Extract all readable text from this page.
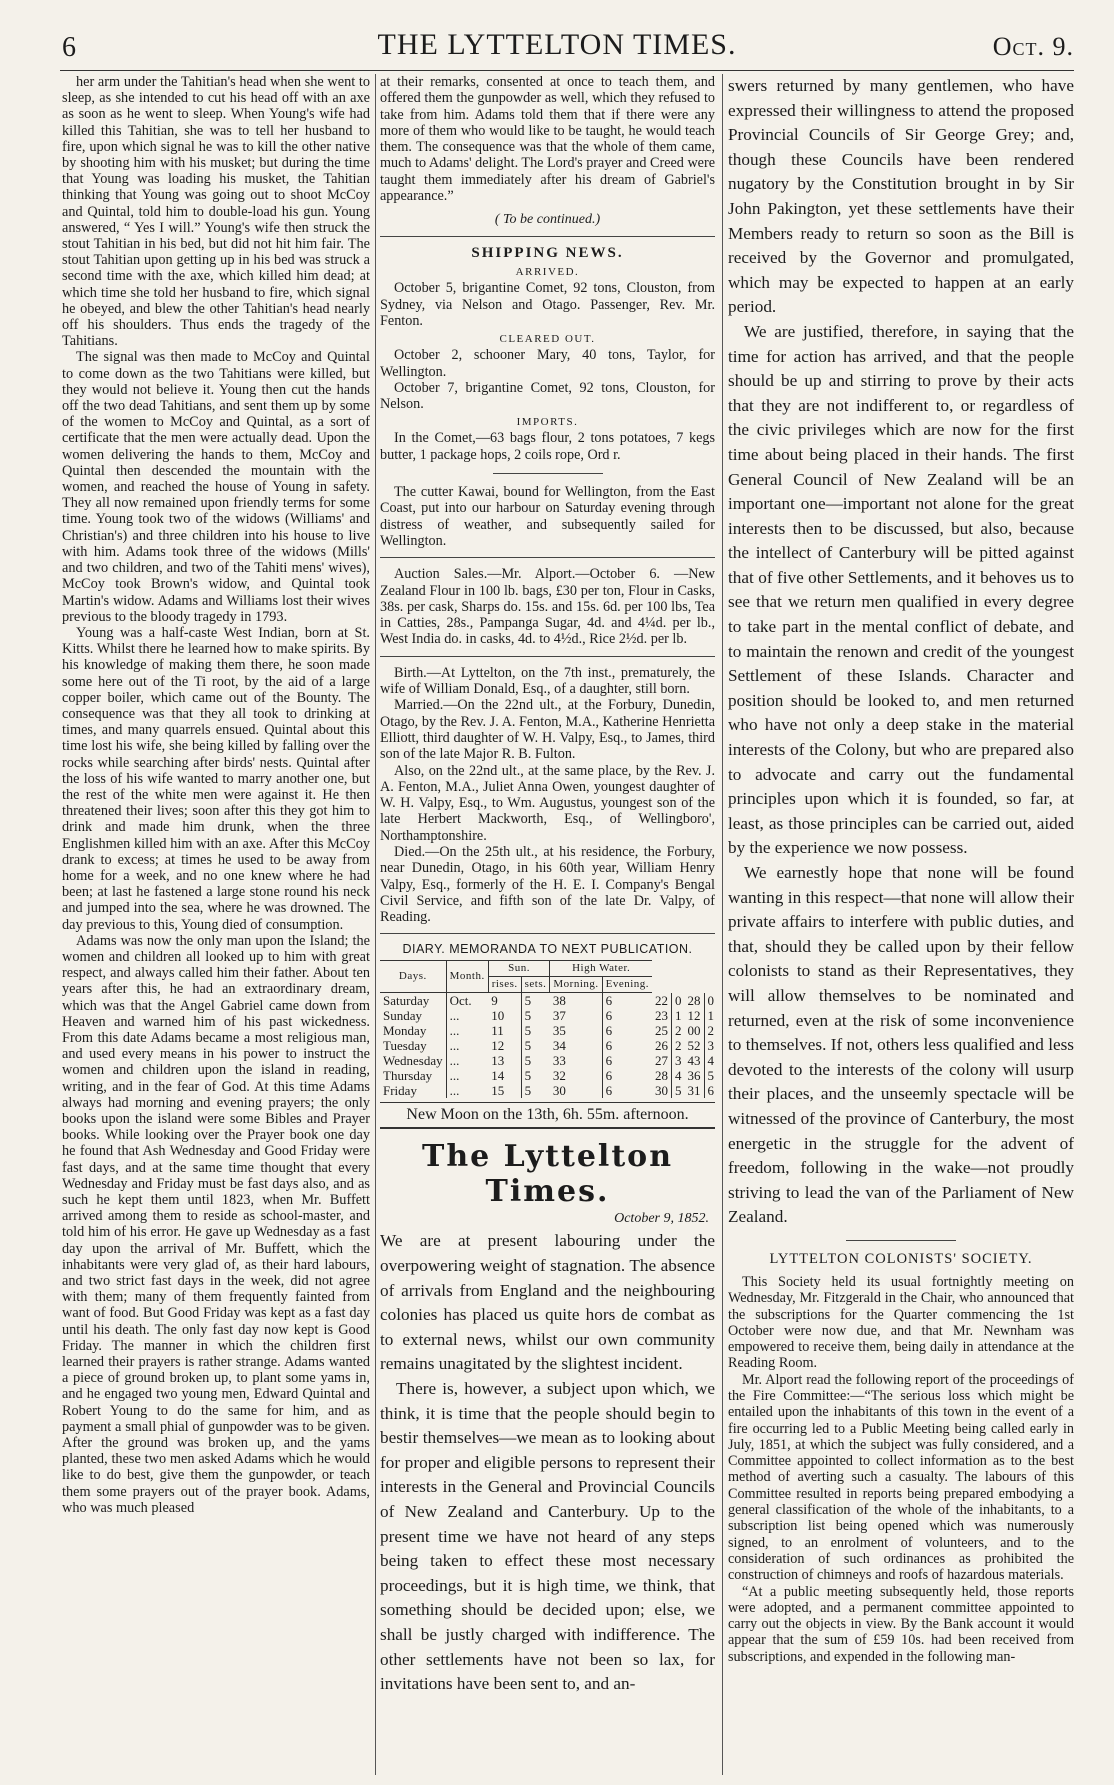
6	THE LYTTELTON TIMES.	Oct. 9.

her arm under the Tahitian's head when she went to sleep, as she intended to cut his head off with an axe as soon as he went to sleep. When Young's wife had killed this Tahitian, she was to tell her husband to fire, upon which signal he was to kill the other native by shooting him with his musket; but during the time that Young was loading his musket, the Tahitian thinking that Young was going out to shoot McCoy and Quintal, told him to double-load his gun. Young answered, “ Yes I will.” Young's wife then struck the stout Tahitian in his bed, but did not hit him fair. The stout Tahitian upon getting up in his bed was struck a second time with the axe, which killed him dead; at which time she told her husband to fire, which signal he obeyed, and blew the other Tahitian's head nearly off his shoulders. Thus ends the tragedy of the Tahitians.

The signal was then made to McCoy and Quintal to come down as the two Tahitians were killed, but they would not believe it. Young then cut the hands off the two dead Tahitians, and sent them up by some of the women to McCoy and Quintal, as a sort of certificate that the men were actually dead. Upon the women delivering the hands to them, McCoy and Quintal then descended the mountain with the women, and reached the house of Young in safety. They all now remained upon friendly terms for some time. Young took two of the widows (Williams' and Christian's) and three children into his house to live with him. Adams took three of the widows (Mills' and two children, and two of the Tahiti mens' wives), McCoy took Brown's widow, and Quintal took Martin's widow. Adams and Williams lost their wives previous to the bloody tragedy in 1793.

Young was a half-caste West Indian, born at St. Kitts. Whilst there he learned how to make spirits. By his knowledge of making them there, he soon made some here out of the Ti root, by the aid of a large copper boiler, which came out of the Bounty. The consequence was that they all took to drinking at times, and many quarrels ensued. Quintal about this time lost his wife, she being killed by falling over the rocks while searching after birds' nests. Quintal after the loss of his wife wanted to marry another one, but the rest of the white men were against it. He then threatened their lives; soon after this they got him to drink and made him drunk, when the three Englishmen killed him with an axe. After this McCoy drank to excess; at times he used to be away from home for a week, and no one knew where he had been; at last he fastened a large stone round his neck and jumped into the sea, where he was drowned. The day previous to this, Young died of consumption.

Adams was now the only man upon the Island; the women and children all looked up to him with great respect, and always called him their father. About ten years after this, he had an extraordinary dream, which was that the Angel Gabriel came down from Heaven and warned him of his past wickedness. From this date Adams became a most religious man, and used every means in his power to instruct the women and children upon the island in reading, writing, and in the fear of God. At this time Adams always had morning and evening prayers; the only books upon the island were some Bibles and Prayer books. While looking over the Prayer book one day he found that Ash Wednesday and Good Friday were fast days, and at the same time thought that every Wednesday and Friday must be fast days also, and as such he kept them until 1823, when Mr. Buffett arrived among them to reside as school-master, and told him of his error. He gave up Wednesday as a fast day upon the arrival of Mr. Buffett, which the inhabitants were very glad of, as their hard labours, and two strict fast days in the week, did not agree with them; many of them frequently fainted from want of food. But Good Friday was kept as a fast day until his death. The only fast day now kept is Good Friday. The manner in which the children first learned their prayers is rather strange. Adams wanted a piece of ground broken up, to plant some yams in, and he engaged two young men, Edward Quintal and Robert Young to do the same for him, and as payment a small phial of gunpowder was to be given. After the ground was broken up, and the yams planted, these two men asked Adams which he would like to do best, give them the gunpowder, or teach them some prayers out of the prayer book. Adams, who was much pleased

at their remarks, consented at once to teach them, and offered them the gunpowder as well, which they refused to take from him. Adams told them that if there were any more of them who would like to be taught, he would teach them. The consequence was that the whole of them came, much to Adams' delight. The Lord's prayer and Creed were taught them immediately after his dream of Gabriel's appearance.”

( To be continued.)
SHIPPING NEWS.
ARRIVED.

October 5, brigantine Comet, 92 tons, Clouston, from Sydney, via Nelson and Otago. Passenger, Rev. Mr. Fenton.

CLEARED OUT.

October 2, schooner Mary, 40 tons, Taylor, for Wellington.

October 7, brigantine Comet, 92 tons, Clouston, for Nelson.

IMPORTS.

In the Comet,—63 bags flour, 2 tons potatoes, 7 kegs butter, 1 package hops, 2 coils rope, Ord r.

The cutter Kawai, bound for Wellington, from the East Coast, put into our harbour on Saturday evening through distress of weather, and subsequently sailed for Wellington.

Auction Sales.—Mr. Alport.—October 6. —New Zealand Flour in 100 lb. bags, £30 per ton, Flour in Casks, 38s. per cask, Sharps do. 15s. and 15s. 6d. per 100 lbs, Tea in Catties, 28s., Pampanga Sugar, 4d. and 4¼d. per lb., West India do. in casks, 4d. to 4½d., Rice 2½d. per lb.

Birth.—At Lyttelton, on the 7th inst., prematurely, the wife of William Donald, Esq., of a daughter, still born.

Married.—On the 22nd ult., at the Forbury, Dunedin, Otago, by the Rev. J. A. Fenton, M.A., Katherine Henrietta Elliott, third daughter of W. H. Valpy, Esq., to James, third son of the late Major R. B. Fulton.

Also, on the 22nd ult., at the same place, by the Rev. J. A. Fenton, M.A., Juliet Anna Owen, youngest daughter of W. H. Valpy, Esq., to Wm. Augustus, youngest son of the late Herbert Mackworth, Esq., of Wellingboro', Northamptonshire.

Died.—On the 25th ult., at his residence, the Forbury, near Dunedin, Otago, in his 60th year, William Henry Valpy, Esq., formerly of the H. E. I. Company's Bengal Civil Service, and fifth son of the late Dr. Valpy, of Reading.

DIARY. MEMORANDA TO NEXT PUBLICATION.
Days.	Month.	Sun.		High Water.						
		rises.	sets.	Morning.	Evening.					
Saturday	Oct.	9	5	38	6	22	0	28	0	
Sunday	...	10	5	37	6	23	1	12	1	
Monday	...	11	5	35	6	25	2	00	2	
Tuesday	...	12	5	34	6	26	2	52	3	
Wednesday	...	13	5	33	6	27	3	43	4	
Thursday	...	14	5	32	6	28	4	36	5	
Friday	...	15	5	30	6	30	5	31	6	
New Moon on the 13th, 6h. 55m. afternoon.
The Lyttelton Times.
October 9, 1852.

We are at present labouring under the overpowering weight of stagnation. The absence of arrivals from England and the neighbouring colonies has placed us quite hors de combat as to external news, whilst our own community remains unagitated by the slightest incident.

There is, however, a subject upon which, we think, it is time that the people should begin to bestir themselves—we mean as to looking about for proper and eligible persons to represent their interests in the General and Provincial Councils of New Zealand and Canterbury. Up to the present time we have not heard of any steps being taken to effect these most necessary proceedings, but it is high time, we think, that something should be decided upon; else, we shall be justly charged with indifference. The other settlements have not been so lax, for invitations have been sent to, and an-

swers returned by many gentlemen, who have expressed their willingness to attend the proposed Provincial Councils of Sir George Grey; and, though these Councils have been rendered nugatory by the Constitution brought in by Sir John Pakington, yet these settlements have their Members ready to return so soon as the Bill is received by the Governor and promulgated, which may be expected to happen at an early period.

We are justified, therefore, in saying that the time for action has arrived, and that the people should be up and stirring to prove by their acts that they are not indifferent to, or regardless of the civic privileges which are now for the first time about being placed in their hands. The first General Council of New Zealand will be an important one—important not alone for the great interests then to be discussed, but also, because the intellect of Canterbury will be pitted against that of five other Settlements, and it behoves us to see that we return men qualified in every degree to take part in the mental conflict of debate, and to maintain the renown and credit of the youngest Settlement of these Islands. Character and position should be looked to, and men returned who have not only a deep stake in the material interests of the Colony, but who are prepared also to advocate and carry out the fundamental principles upon which it is founded, so far, at least, as those principles can be carried out, aided by the experience we now possess.

We earnestly hope that none will be found wanting in this respect—that none will allow their private affairs to interfere with public duties, and that, should they be called upon by their fellow colonists to stand as their Representatives, they will allow themselves to be nominated and returned, even at the risk of some inconvenience to themselves. If not, others less qualified and less devoted to the interests of the colony will usurp their places, and the unseemly spectacle will be witnessed of the province of Canterbury, the most energetic in the struggle for the advent of freedom, following in the wake—not proudly striving to lead the van of the Parliament of New Zealand.

LYTTELTON COLONISTS' SOCIETY.

This Society held its usual fortnightly meeting on Wednesday, Mr. Fitzgerald in the Chair, who announced that the subscriptions for the Quarter commencing the 1st October were now due, and that Mr. Newnham was empowered to receive them, being daily in attendance at the Reading Room.

Mr. Alport read the following report of the proceedings of the Fire Committee:—“The serious loss which might be entailed upon the inhabitants of this town in the event of a fire occurring led to a Public Meeting being called early in July, 1851, at which the subject was fully considered, and a Committee appointed to collect information as to the best method of averting such a casualty. The labours of this Committee resulted in reports being prepared embodying a general classification of the whole of the inhabitants, to a subscription list being opened which was numerously signed, to an enrolment of volunteers, and to the consideration of such ordinances as prohibited the construction of chimneys and roofs of hazardous materials.

“At a public meeting subsequently held, those reports were adopted, and a permanent committee appointed to carry out the objects in view. By the Bank account it would appear that the sum of £59 10s. had been received from subscriptions, and expended in the following man-
